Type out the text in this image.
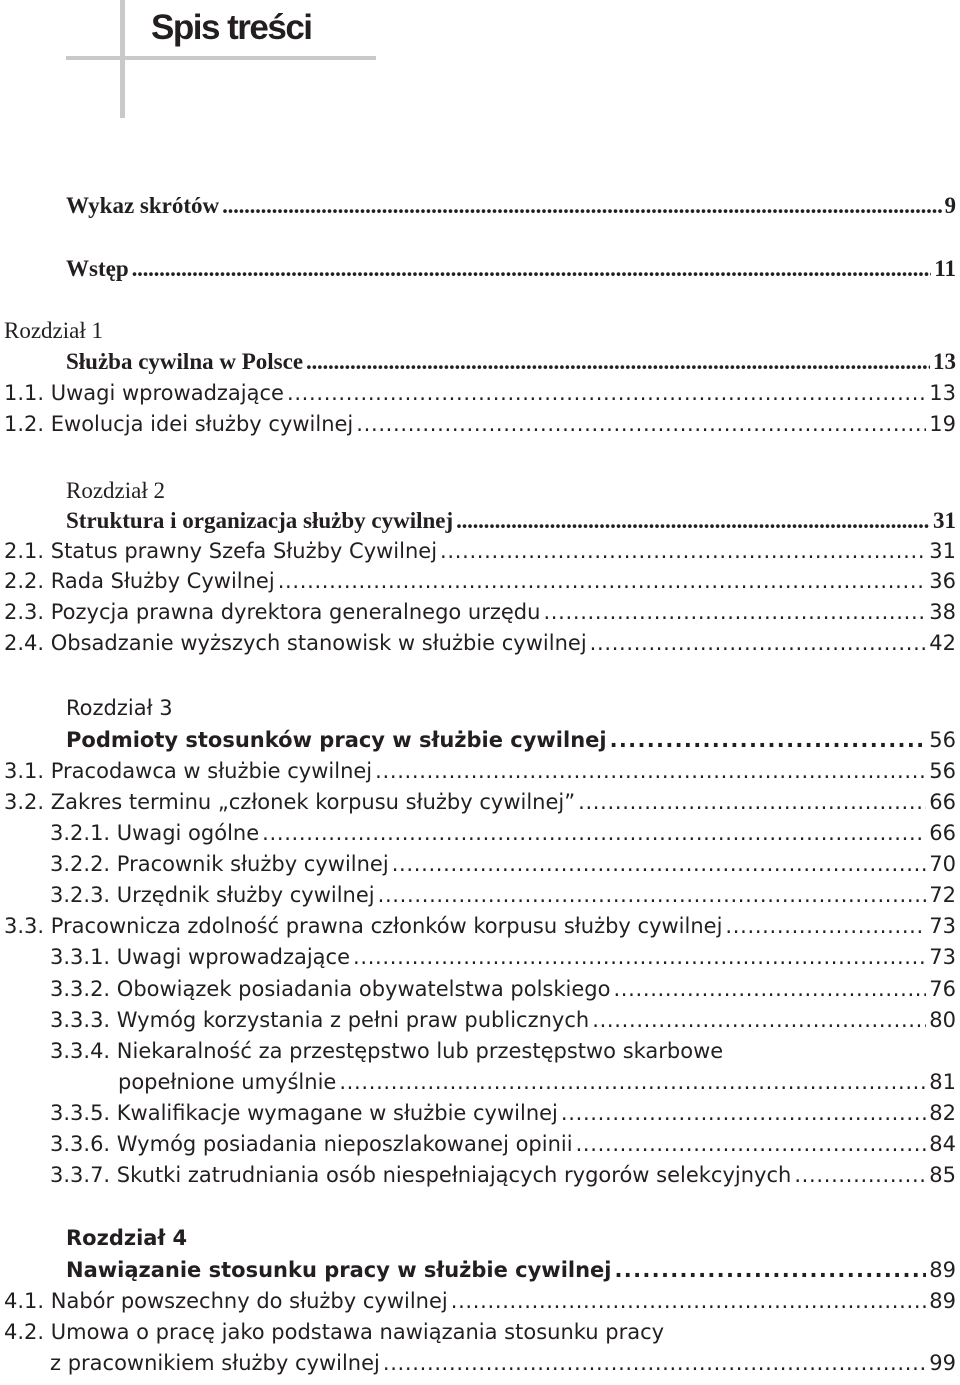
Spis treści
Wykaz skrótów . . .	9
Wstęp . . .	11
Rozdział 1
Służba cywilna w Polsce . . .	13
1.1. Uwagi wprowadzające . . .	13
1.2. Ewolucja idei służby cywilnej . . .	19
Rozdział 2
Struktura i organizacja służby cywilnej . . .	31
2.1. Status prawny Szefa Służby Cywilnej . . .	31
2.2. Rada Służby Cywilnej . . .	36
2.3. Pozycja prawna dyrektora generalnego urzędu . . .	38
2.4. Obsadzanie wyższych stanowisk w służbie cywilnej . . .	42
Rozdział 3
Podmioty stosunków pracy w służbie cywilnej . . .	56
3.1. Pracodawca w służbie cywilnej . . .	56
3.2. Zakres terminu „członek korpusu służby cywilnej” . . .	66
3.2.1. Uwagi ogólne . . .	66
3.2.2. Pracownik służby cywilnej . . .	70
3.2.3. Urzędnik służby cywilnej . . .	72
3.3. Pracownicza zdolność prawna członków korpusu służby cywilnej . . .	73
3.3.1. Uwagi wprowadzające . . .	73
3.3.2. Obowiązek posiadania obywatelstwa polskiego . . .	76
3.3.3. Wymóg korzystania z pełni praw publicznych . . .	80
3.3.4. Niekaralność za przestępstwo lub przestępstwo skarbowe
popełnione umyślnie . . .	81
3.3.5. Kwalifikacje wymagane w służbie cywilnej . . .	82
3.3.6. Wymóg posiadania nieposzlakowanej opinii . . .	84
3.3.7. Skutki zatrudniania osób niespełniających rygorów selekcyjnych . . .	85
Rozdział 4
Nawiązanie stosunku pracy w służbie cywilnej . . .	89
4.1. Nabór powszechny do służby cywilnej . . .	89
4.2. Umowa o pracę jako podstawa nawiązania stosunku pracy
z pracownikiem służby cywilnej . . .	99
